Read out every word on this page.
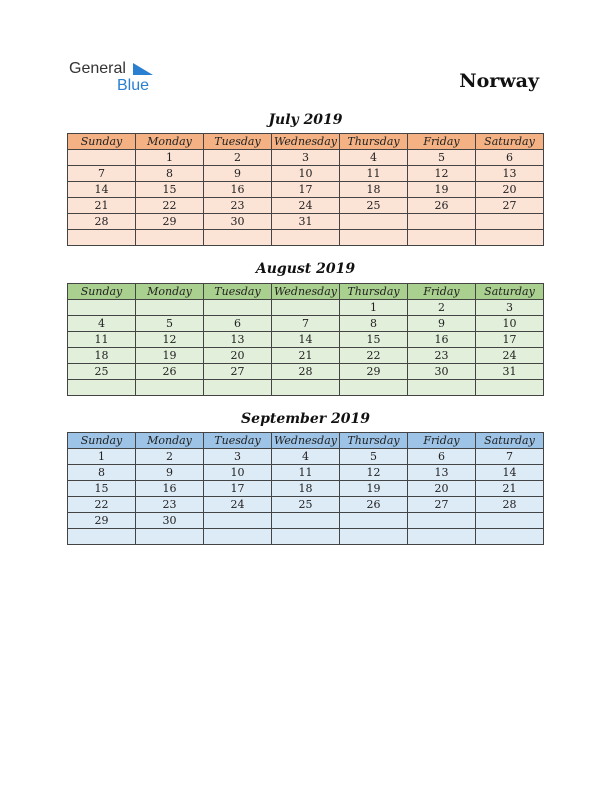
General
Blue	Norway
July 2019
Sunday	Monday	Tuesday	Wednesday	Thursday	Friday	Saturday
	1	2	3	4	5	6
7	8	9	10	11	12	13
14	15	16	17	18	19	20
21	22	23	24	25	26	27
28	29	30	31			

August 2019
Sunday	Monday	Tuesday	Wednesday	Thursday	Friday	Saturday
				1	2	3
4	5	6	7	8	9	10
11	12	13	14	15	16	17
18	19	20	21	22	23	24
25	26	27	28	29	30	31

September 2019
Sunday	Monday	Tuesday	Wednesday	Thursday	Friday	Saturday
1	2	3	4	5	6	7
8	9	10	11	12	13	14
15	16	17	18	19	20	21
22	23	24	25	26	27	28
29	30					
